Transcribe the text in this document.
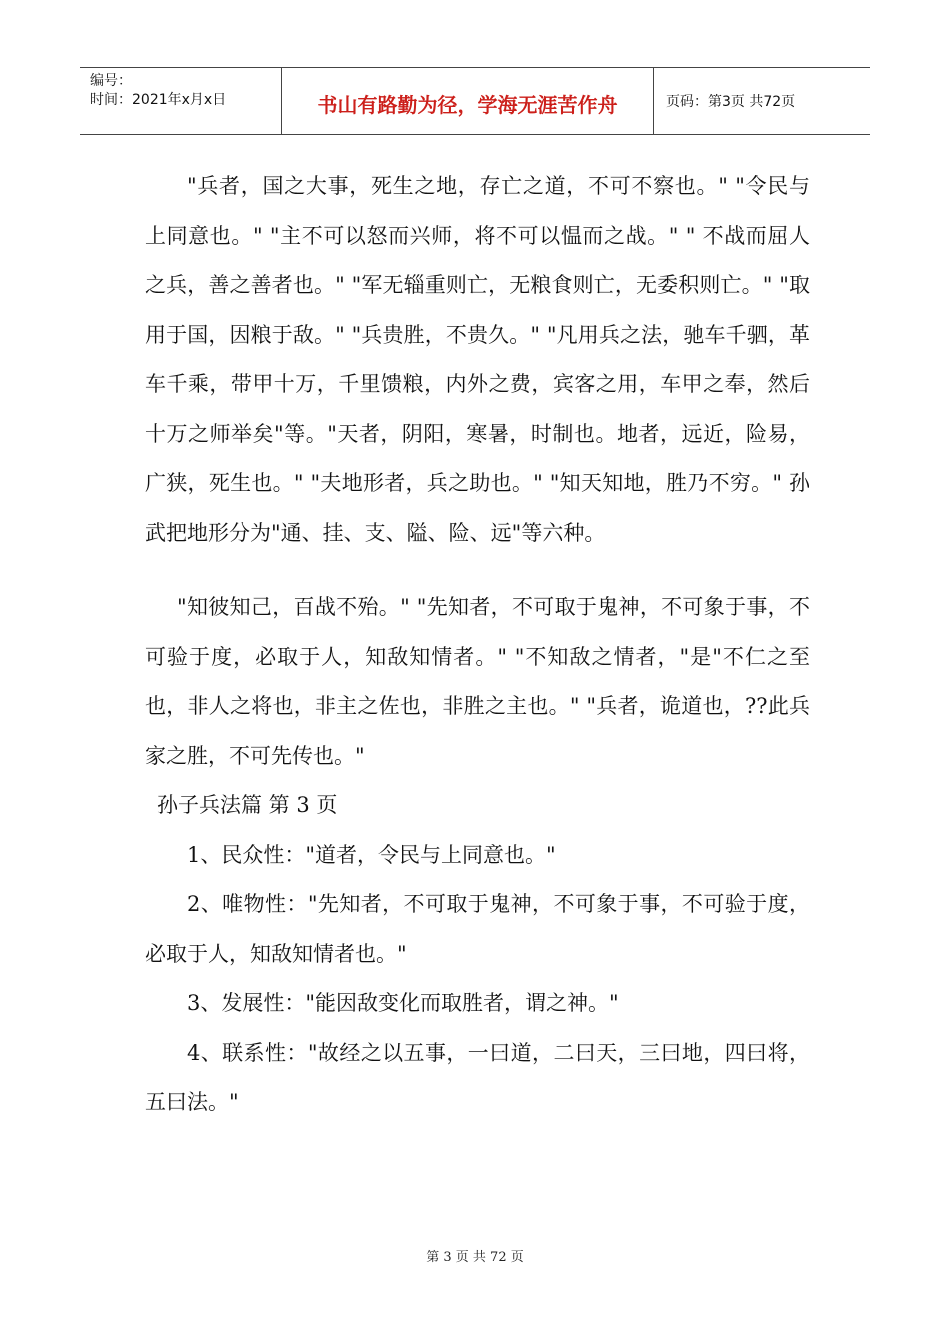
编号：
时间：2021年x月x日	书山有路勤为径，学海无涯苦作舟	页码：第3页 共72页

"兵者，国之大事，死生之地，存亡之道，不可不察也。" "令民与上同意也。" "主不可以怒而兴师，将不可以愠而之战。" " 不战而屈人之兵，善之善者也。" "军无辎重则亡，无粮食则亡，无委积则亡。" "取用于国，因粮于敌。" "兵贵胜，不贵久。" "凡用兵之法，驰车千驷，革车千乘，带甲十万，千里馈粮，内外之费，宾客之用，车甲之奉，然后十万之师举矣"等。"天者，阴阳，寒暑，时制也。地者，远近，险易，广狭，死生也。" "夫地形者，兵之助也。" "知天知地，胜乃不穷。" 孙武把地形分为"通、挂、支、隘、险、远"等六种。

"知彼知己，百战不殆。" "先知者，不可取于鬼神，不可象于事，不可验于度，必取于人，知敌知情者。" "不知敌之情者，"是"不仁之至也，非人之将也，非主之佐也，非胜之主也。" "兵者，诡道也，??此兵家之胜，不可先传也。"

孙子兵法篇 第 3 页

1、民众性："道者，令民与上同意也。"

2、唯物性："先知者，不可取于鬼神，不可象于事，不可验于度，必取于人，知敌知情者也。"

3、发展性："能因敌变化而取胜者，谓之神。"

4、联系性："故经之以五事，一曰道，二曰天，三曰地，四曰将，五曰法。"

第 3 页 共 72 页
